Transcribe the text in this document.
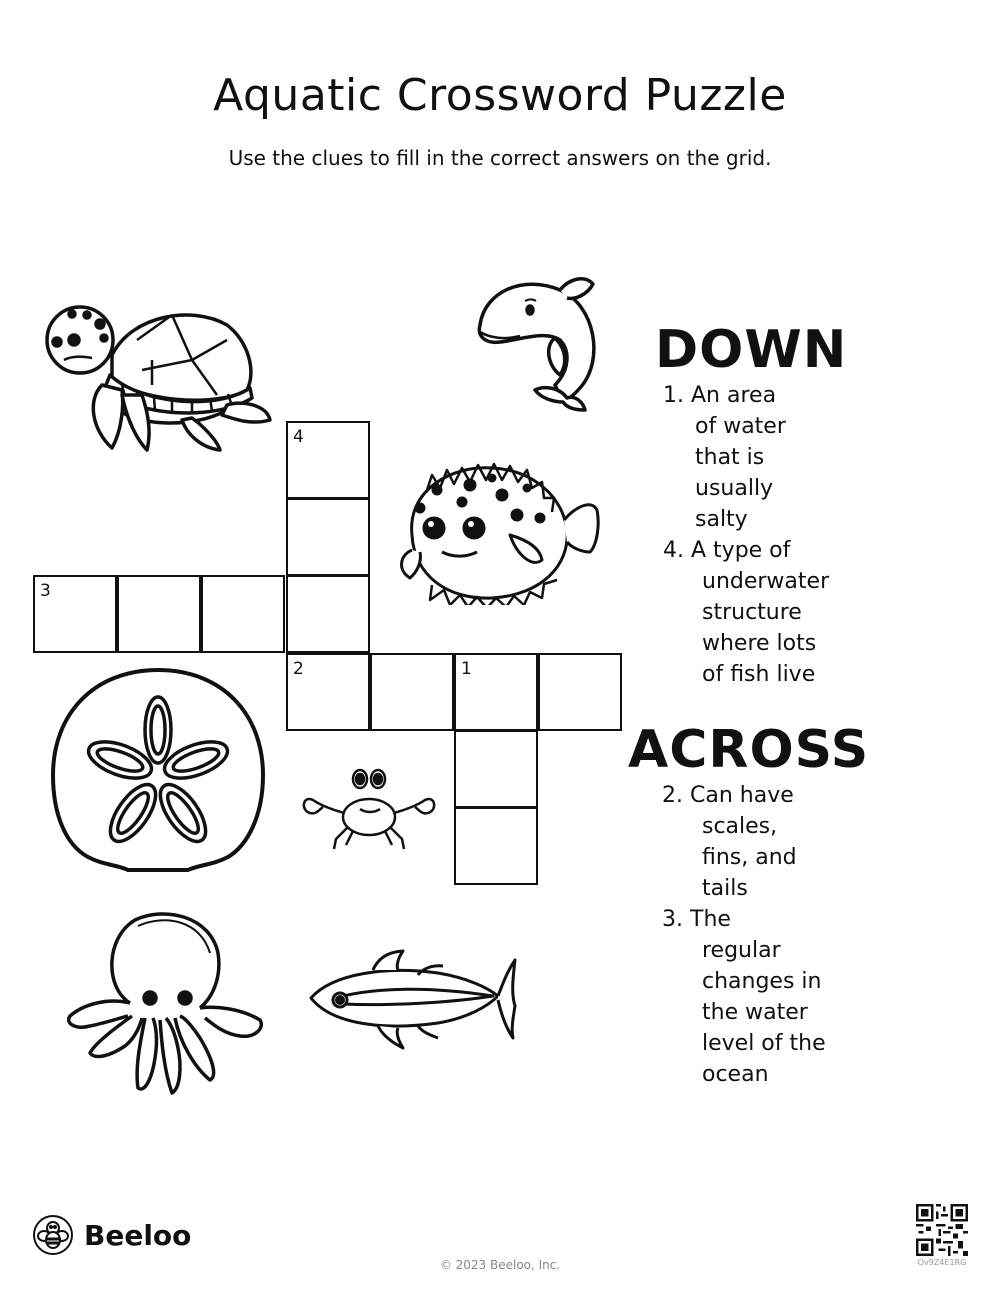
Aquatic Crossword Puzzle
Use the clues to fill in the correct answers on the grid.
4
3
2	1
DOWN
1. An area
of water
that is
usually
salty
4. A type of
underwater
structure
where lots
of fish live
ACROSS
2. Can have
scales,
fins, and
tails
3. The
regular
changes in
the water
level of the
ocean
Beeloo
© 2023 Beeloo, Inc.	Ov9Z4E1RG
